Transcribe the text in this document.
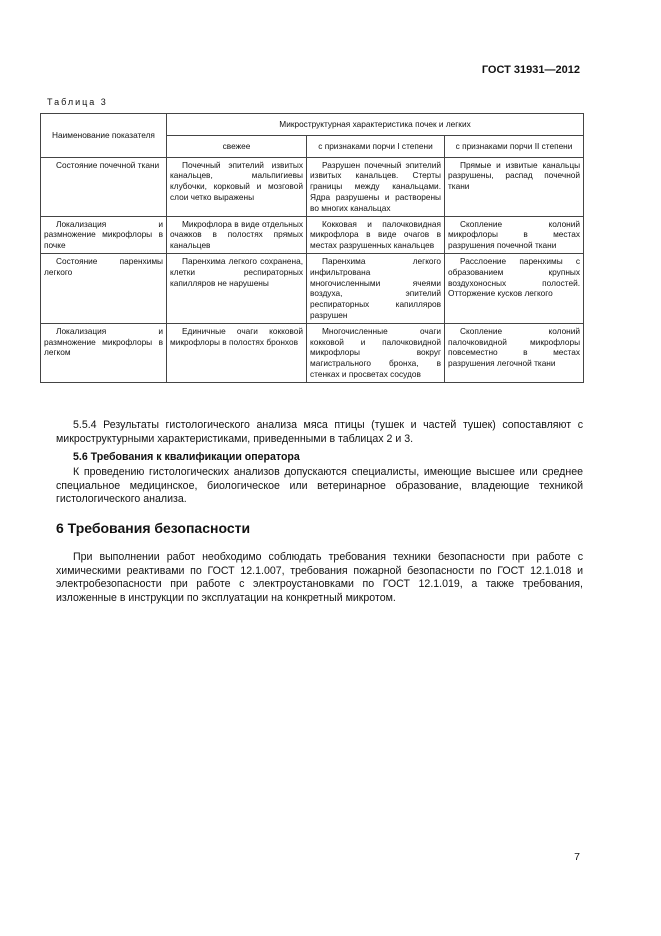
ГОСТ 31931—2012
Таблица 3
Наименование показателя	Микроструктурная характеристика почек и легких		
	свежее	с признаками порчи I степени	с признаками порчи II степени
Состояние почечной ткани	Почечный эпителий извитых канальцев, мальпигиевы клубочки, корковый и мозговой слои четко выражены	Разрушен почечный эпителий извитых канальцев. Стерты границы между канальцами. Ядра разрушены и растворены во многих канальцах	Прямые и извитые канальцы разрушены, распад почечной ткани
Локализация и размножение микрофлоры в почке	Микрофлора в виде отдельных очажков в полостях прямых канальцев	Кокковая и палочковидная микрофлора в виде очагов в местах разрушенных канальцев	Скопление колоний микрофлоры в местах разрушения почечной ткани
Состояние паренхимы легкого	Паренхима легкого сохранена, клетки респираторных капилляров не нарушены	Паренхима легкого инфильтрована многочисленными ячеями воздуха, эпителий респираторных капилляров разрушен	Расслоение паренхимы с образованием крупных воздухоносных полостей. Отторжение кусков легкого
Локализация и размножение микрофлоры в легком	Единичные очаги кокковой микрофлоры в полостях бронхов	Многочисленные очаги кокковой и палочковидной микрофлоры вокруг магистрального бронха, в стенках и просветах сосудов	Скопление колоний палочковидной микрофлоры повсеместно в местах разрушения легочной ткани
5.5.4 Результаты гистологического анализа мяса птицы (тушек и частей тушек) сопоставляют с микроструктурными характеристиками, приведенными в таблицах 2 и 3.
5.6 Требования к квалификации оператора
К проведению гистологических анализов допускаются специалисты, имеющие высшее или среднее специальное медицинское, биологическое или ветеринарное образование, владеющие техникой гистологического анализа.
6 Требования безопасности
При выполнении работ необходимо соблюдать требования техники безопасности при работе с химическими реактивами по ГОСТ 12.1.007, требования пожарной безопасности по ГОСТ 12.1.018 и электробезопасности при работе с электроустановками по ГОСТ 12.1.019, а также требования, изложенные в инструкции по эксплуатации на конкретный микротом.
7
